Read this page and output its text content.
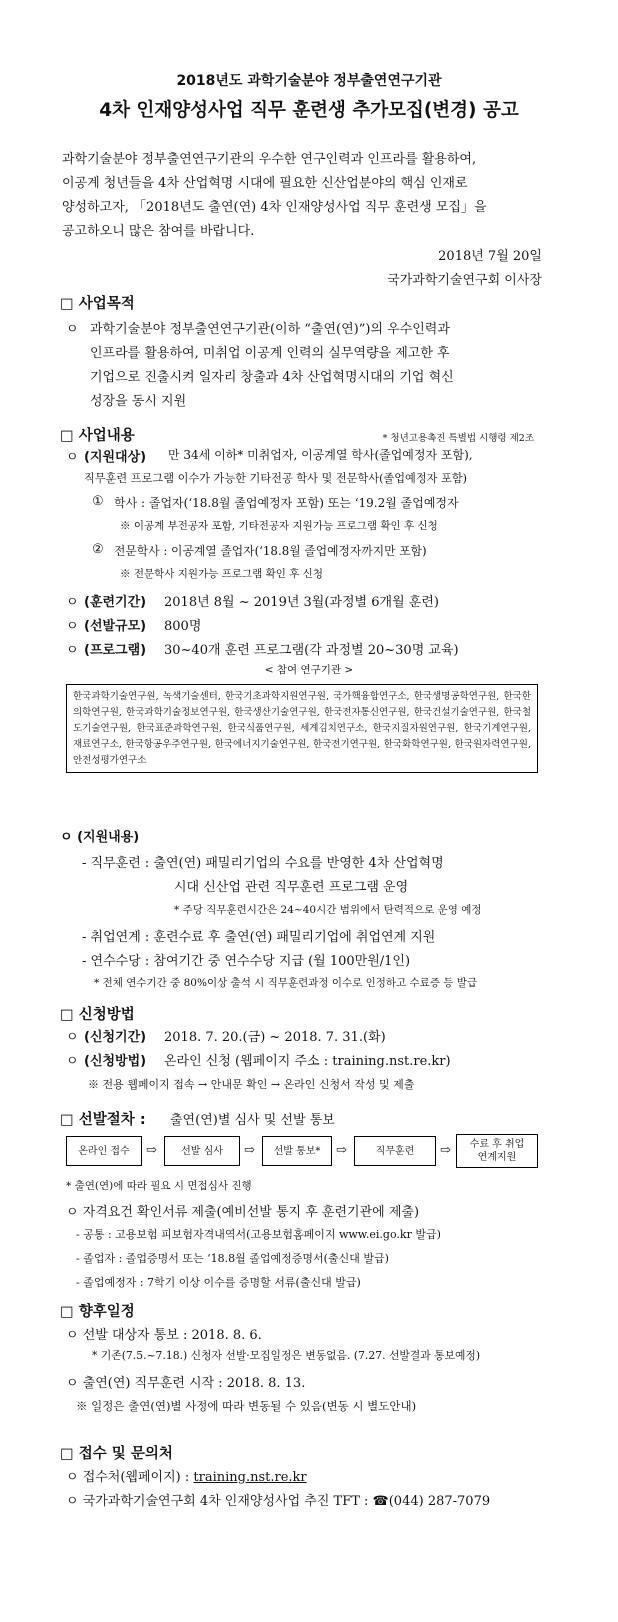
2018년도 과학기술분야 정부출연연구기관
4차 인재양성사업 직무 훈련생 추가모집(변경) 공고
과학기술분야 정부출연연구기관의 우수한 연구인력과 인프라를 활용하여,
이공계 청년들을 4차 산업혁명 시대에 필요한 신산업분야의 핵심 인재로
양성하고자, 「2018년도 출연(연) 4차 인재양성사업 직무 훈련생 모집」을
공고하오니 많은 참여를 바랍니다.
2018년 7월 20일
국가과학기술연구회 이사장
□ 사업목적
ㅇ 과학기술분야 정부출연연구기관(이하 “출연(연)”)의 우수인력과
인프라를 활용하여, 미취업 이공계 인력의 실무역량을 제고한 후
기업으로 진출시켜 일자리 창출과 4차 산업혁명시대의 기업 혁신
성장을 동시 지원
□ 사업내용	* 청년고용촉진 특별법 시행령 제2조
ㅇ (지원대상) 만 34세 이하* 미취업자, 이공계열 학사(졸업예정자 포함),
직무훈련 프로그램 이수가 가능한 기타전공 학사 및 전문학사(졸업예정자 포함)
① 학사 : 졸업자(‘18.8월 졸업예정자 포함) 또는 ‘19.2월 졸업예정자
※ 이공계 부전공자 포함, 기타전공자 지원가능 프로그램 확인 후 신청
② 전문학사 : 이공계열 졸업자(‘18.8월 졸업예정자까지만 포함)
※ 전문학사 지원가능 프로그램 확인 후 신청
ㅇ (훈련기간) 2018년 8월 ~ 2019년 3월(과정별 6개월 훈련)
ㅇ (선발규모) 800명
ㅇ (프로그램) 30~40개 훈련 프로그램(각 과정별 20~30명 교육)
< 참여 연구기관 >
한국과학기술연구원, 녹색기술센터, 한국기초과학지원연구원, 국가핵융합연구소, 한국생명공학연구원, 한국한의학연구원, 한국과학기술정보연구원, 한국생산기술연구원, 한국전자통신연구원, 한국건설기술연구원, 한국철도기술연구원, 한국표준과학연구원, 한국식품연구원, 세계김치연구소, 한국지질자원연구원, 한국기계연구원, 재료연구소, 한국항공우주연구원, 한국에너지기술연구원, 한국전기연구원, 한국화학연구원, 한국원자력연구원, 안전성평가연구소
ㅇ (지원내용)
- 직무훈련 : 출연(연) 패밀리기업의 수요를 반영한 4차 산업혁명
시대 신산업 관련 직무훈련 프로그램 운영
* 주당 직무훈련시간은 24~40시간 범위에서 탄력적으로 운영 예정
- 취업연계 : 훈련수료 후 출연(연) 패밀리기업에 취업연계 지원
- 연수수당 : 참여기간 중 연수수당 지급 (월 100만원/1인)
* 전체 연수기간 중 80%이상 출석 시 직무훈련과정 이수로 인정하고 수료증 등 발급
□ 신청방법
ㅇ (신청기간) 2018. 7. 20.(금) ~ 2018. 7. 31.(화)
ㅇ (신청방법) 온라인 신청 (웹페이지 주소 : training.nst.re.kr)
※ 전용 웹페이지 접속 → 안내문 확인 → 온라인 신청서 작성 및 제출
□ 선발절차 : 출연(연)별 심사 및 선발 통보
온라인 접수	⇨	선발 심사	⇨	선발 통보*	⇨	직무훈련	⇨	수료 후 취업
연계지원
* 출연(연)에 따라 필요 시 면접심사 진행
ㅇ 자격요건 확인서류 제출(예비선발 통지 후 훈련기관에 제출)
- 공통 : 고용보험 피보험자격내역서(고용보험홈페이지 www.ei.go.kr 발급)
- 졸업자 : 졸업증명서 또는 ‘18.8월 졸업예정증명서(출신대 발급)
- 졸업예정자 : 7학기 이상 이수를 증명할 서류(출신대 발급)
□ 향후일정
ㅇ 선발 대상자 통보 : 2018. 8. 6.
* 기존(7.5.~7.18.) 신청자 선발·모집일정은 변동없음. (7.27. 선발결과 통보예정)
ㅇ 출연(연) 직무훈련 시작 : 2018. 8. 13.
※ 일정은 출연(연)별 사정에 따라 변동될 수 있음(변동 시 별도안내)
□ 접수 및 문의처
ㅇ 접수처(웹페이지) : training.nst.re.kr
ㅇ 국가과학기술연구회 4차 인재양성사업 추진 TFT : ☎(044) 287-7079
